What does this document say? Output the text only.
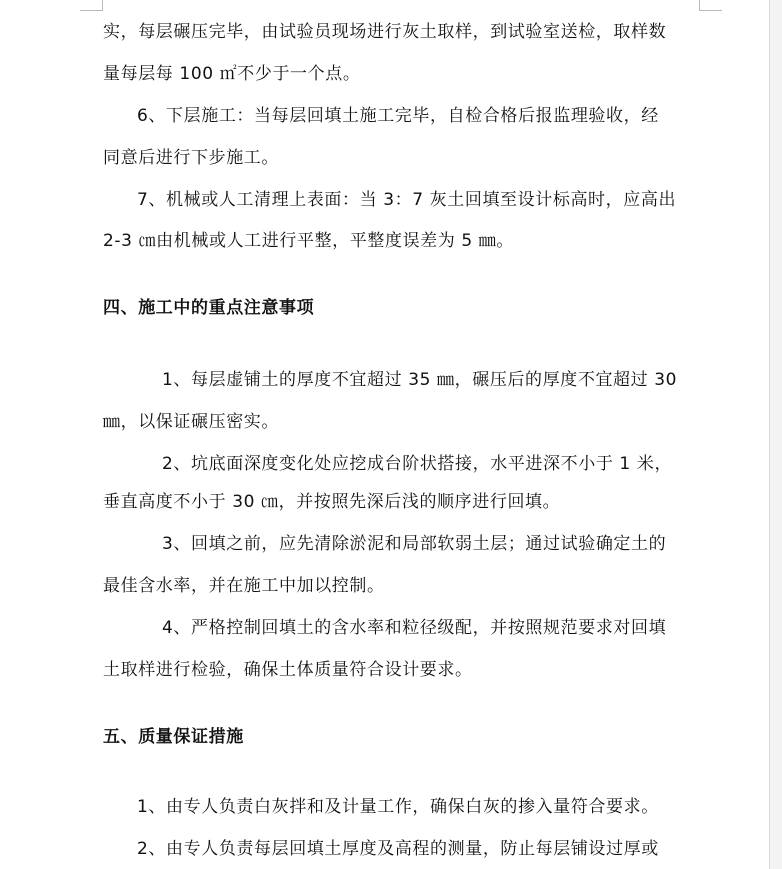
实，每层碾压完毕，由试验员现场进行灰土取样，到试验室送检，取样数
量每层每 100 ㎡不少于一个点。
6、下层施工：当每层回填土施工完毕，自检合格后报监理验收，经
同意后进行下步施工。
7、机械或人工清理上表面：当 3：7 灰土回填至设计标高时，应高出
2-3 ㎝由机械或人工进行平整，平整度误差为 5 ㎜。
四、施工中的重点注意事项
1、每层虚铺土的厚度不宜超过 35 ㎜，碾压后的厚度不宜超过 30
㎜，以保证碾压密实。
2、坑底面深度变化处应挖成台阶状搭接，水平进深不小于 1 米，
垂直高度不小于 30 ㎝，并按照先深后浅的顺序进行回填。
3、回填之前，应先清除淤泥和局部软弱土层；通过试验确定土的
最佳含水率，并在施工中加以控制。
4、严格控制回填土的含水率和粒径级配，并按照规范要求对回填
土取样进行检验，确保土体质量符合设计要求。
五、质量保证措施
1、由专人负责白灰拌和及计量工作，确保白灰的掺入量符合要求。
2、由专人负责每层回填土厚度及高程的测量，防止每层铺设过厚或
